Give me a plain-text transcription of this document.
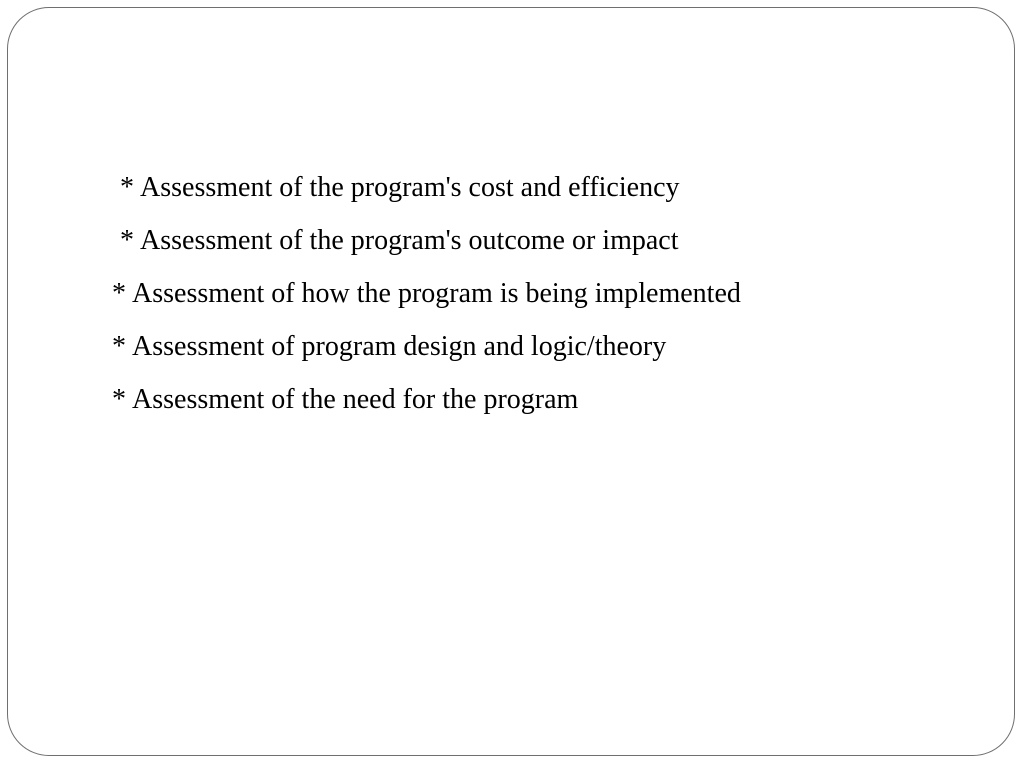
* Assessment of the program's cost and efficiency
* Assessment of the program's outcome or impact
* Assessment of how the program is being implemented
* Assessment of program design and logic/theory
* Assessment of the need for the program
